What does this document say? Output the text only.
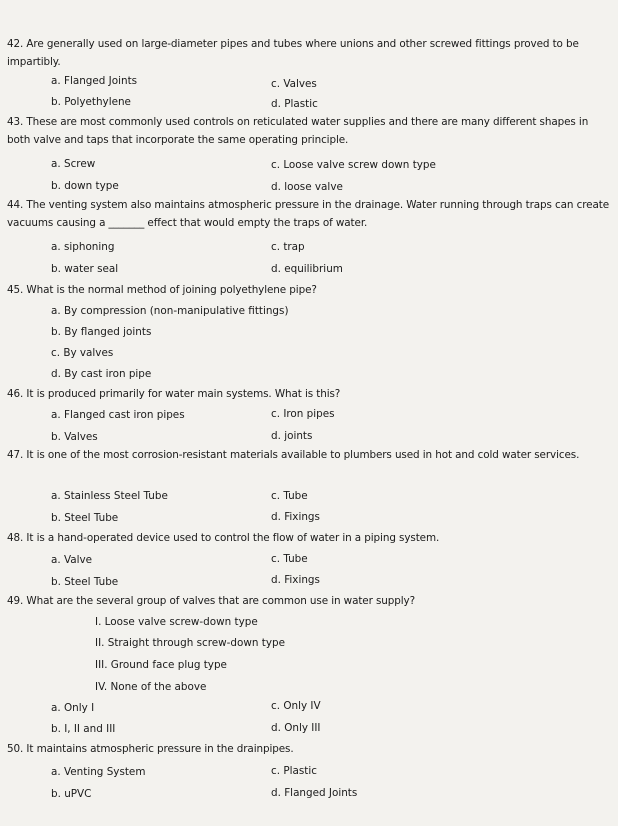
42. Are generally used on large-diameter pipes and tubes where unions and other screwed fittings proved to be impartibly.
a. Flanged Joints	c. Valves
b. Polyethylene	d. Plastic
43. These are most commonly used controls on reticulated water supplies and there are many different shapes in both valve and taps that incorporate the same operating principle.
a. Screw	c. Loose valve screw down type
b. down type	d. loose valve
44. The venting system also maintains atmospheric pressure in the drainage. Water running through traps can create vacuums causing a _______ effect that would empty the traps of water.
a. siphoning	c. trap
b. water seal	d. equilibrium
45. What is the normal method of joining polyethylene pipe?
a. By compression (non-manipulative fittings)
b. By flanged joints
c. By valves
d. By cast iron pipe
46. It is produced primarily for water main systems. What is this?
a. Flanged cast iron pipes	c. Iron pipes
b. Valves	d. joints
47. It is one of the most corrosion-resistant materials available to plumbers used in hot and cold water services.
a. Stainless Steel Tube	c. Tube
b. Steel Tube	d. Fixings
48. It is a hand-operated device used to control the flow of water in a piping system.
a. Valve	c. Tube
b. Steel Tube	d. Fixings
49. What are the several group of valves that are common use in water supply?
I. Loose valve screw-down type
II. Straight through screw-down type
III. Ground face plug type
IV. None of the above
a. Only I	c. Only IV
b. I, II and III	d. Only III
50. It maintains atmospheric pressure in the drainpipes.
a. Venting System	c. Plastic
b. uPVC	d. Flanged Joints
